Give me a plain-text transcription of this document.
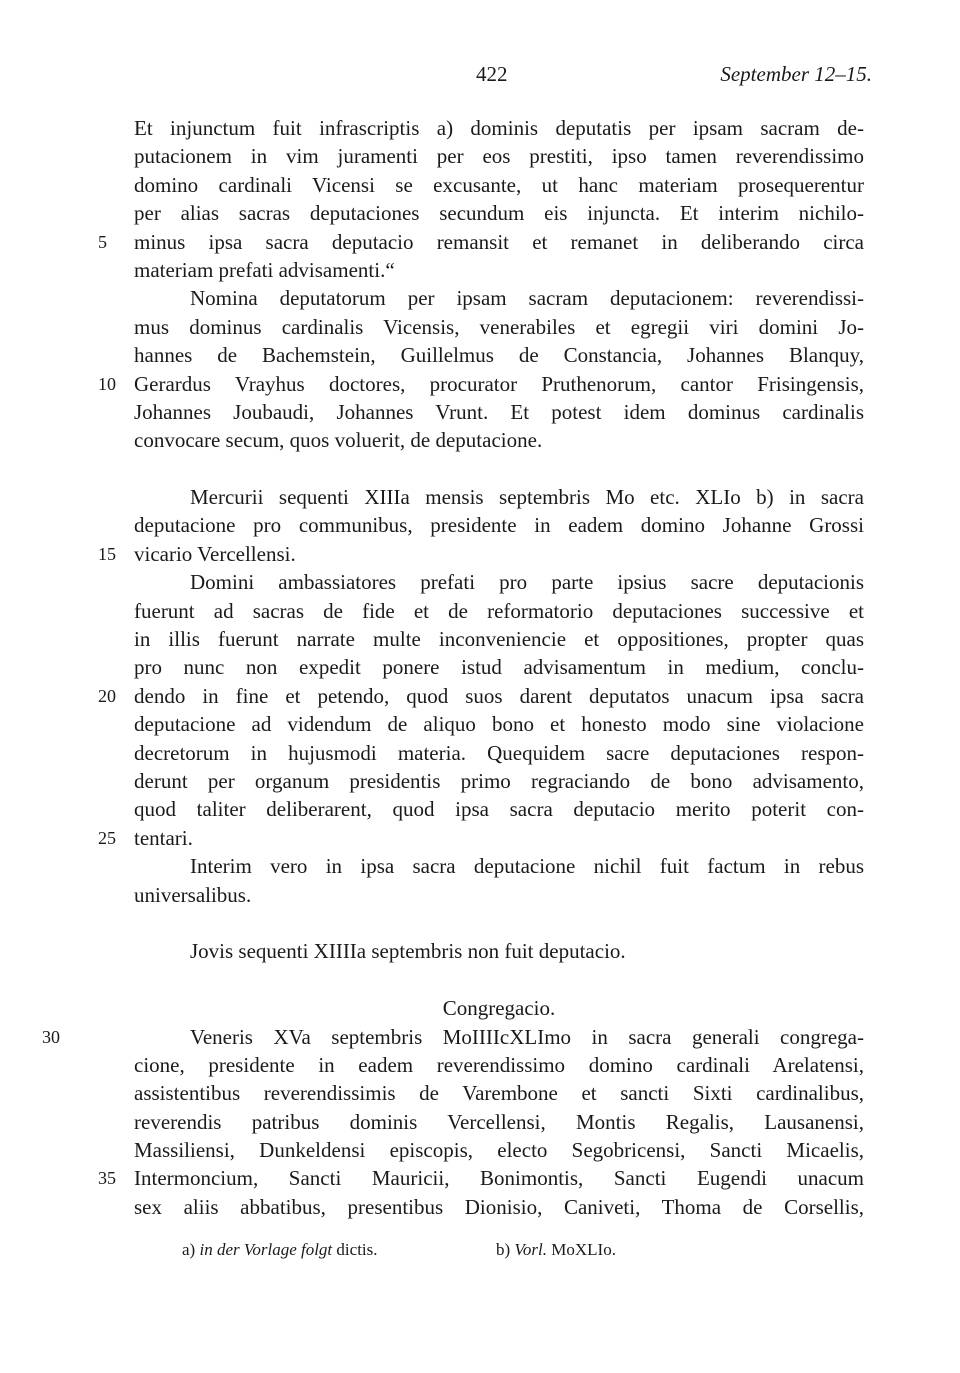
422	September 12–15.
Et injunctum fuit infrascriptis a) dominis deputatis per ipsam sacram de-
putacionem in vim juramenti per eos prestiti, ipso tamen reverendissimo
domino cardinali Vicensi se excusante, ut hanc materiam prosequerentur
per alias sacras deputaciones secundum eis injuncta. Et interim nichilo-
5 minus ipsa sacra deputacio remansit et remanet in deliberando circa
materiam prefati advisamenti.“
Nomina deputatorum per ipsam sacram deputacionem: reverendissi-
mus dominus cardinalis Vicensis, venerabiles et egregii viri domini Jo-
hannes de Bachemstein, Guillelmus de Constancia, Johannes Blanquy,
10 Gerardus Vrayhus doctores, procurator Pruthenorum, cantor Frisingensis,
Johannes Joubaudi, Johannes Vrunt. Et potest idem dominus cardinalis
convocare secum, quos voluerit, de deputacione.
Mercurii sequenti XIIIa mensis septembris Mo etc. XLIo b) in sacra
deputacione pro communibus, presidente in eadem domino Johanne Grossi
15 vicario Vercellensi.
Domini ambassiatores prefati pro parte ipsius sacre deputacionis
fuerunt ad sacras de fide et de reformatorio deputaciones successive et
in illis fuerunt narrate multe inconveniencie et oppositiones, propter quas
pro nunc non expedit ponere istud advisamentum in medium, conclu-
20 dendo in fine et petendo, quod suos darent deputatos unacum ipsa sacra
deputacione ad videndum de aliquo bono et honesto modo sine violacione
decretorum in hujusmodi materia. Quequidem sacre deputaciones respon-
derunt per organum presidentis primo regraciando de bono advisamento,
quod taliter deliberarent, quod ipsa sacra deputacio merito poterit con-
25 tentari.
Interim vero in ipsa sacra deputacione nichil fuit factum in rebus
universalibus.
Jovis sequenti XIIIIa septembris non fuit deputacio.
Congregacio.
30	Veneris XVa septembris MoIIIIcXLImo in sacra generali congrega-
cione, presidente in eadem reverendissimo domino cardinali Arelatensi,
assistentibus reverendissimis de Varembone et sancti Sixti cardinalibus,
reverendis patribus dominis Vercellensi, Montis Regalis, Lausanensi,
Massiliensi, Dunkeldensi episcopis, electo Segobricensi, Sancti Micaelis,
35 Intermoncium, Sancti Mauricii, Bonimontis, Sancti Eugendi unacum
sex aliis abbatibus, presentibus Dionisio, Caniveti, Thoma de Corsellis,
a) in der Vorlage folgt dictis.	b) Vorl. MoXLIo.
